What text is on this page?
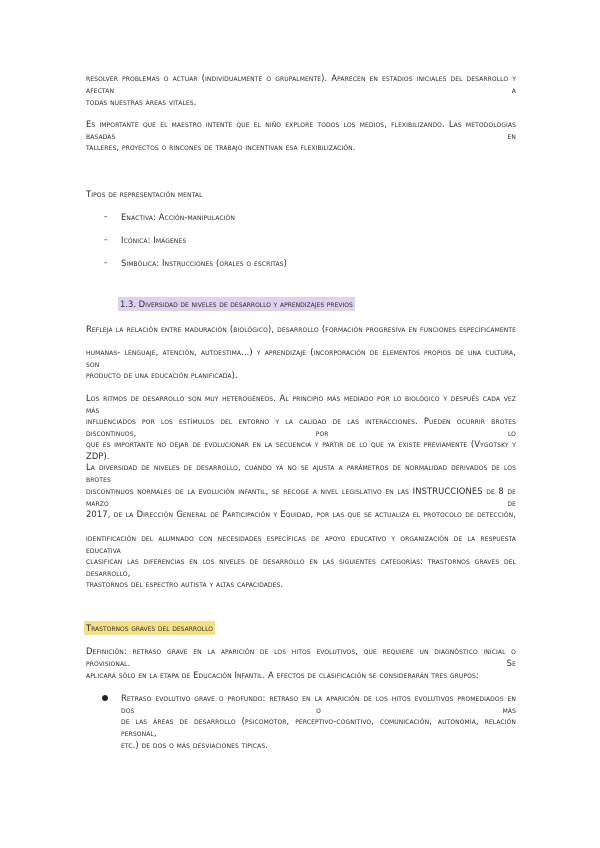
resolver problemas o actuar (individualmente o grupalmente). Aparecen en estadios iniciales del desarrollo y afectan a
todas nuestras áreas vitales.
Es importante que el maestro intente que el niño explore todos los medios, flexibilizando. Las metodologías basadas en
talleres, proyectos o rincones de trabajo incentivan esa flexibilización.
Tipos de representación mental
- Enactiva: Acción-manipulación
- Icónica: Imágenes
- Simbólica: Instrucciones (orales o escritas)
1.3. Diversidad de niveles de desarrollo y aprendizajes previos
Refleja la relación entre maduración (biológico), desarrollo (formación progresiva en funciones específicamente
humanas- lenguaje, atención, autoestima...) y aprendizaje (incorporación de elementos propios de una cultura, son
producto de una educación planificada).
Los ritmos de desarrollo son muy heterogéneos. Al principio más mediado por lo biológico y después cada vez más
influenciados por los estímulos del entorno y la calidad de las interacciones. Pueden ocurrir brotes discontinuos, por lo
que es importante no dejar de evolucionar en la secuencia y partir de lo que ya existe previamente (Vygotsky y ZDP).
La diversidad de niveles de desarrollo, cuando ya no se ajusta a parámetros de normalidad derivados de los brotes
discontinuos normales de la evolución infantil, se recoge a nivel legislativo en las INSTRUCCIONES de 8 de marzo de
2017, de la Dirección General de Participación y Equidad, por las que se actualiza el protocolo de detección,
identificación del alumnado con necesidades específicas de apoyo educativo y organización de la respuesta educativa
clasifican las diferencias en los niveles de desarrollo en las siguientes categorías: trastornos graves del desarrollo,
trastornos del espectro autista y altas capacidades.
Trastornos graves del desarrollo
Definición: retraso grave en la aparición de los hitos evolutivos, que requiere un diagnóstico inicial o provisional. Se
aplicará sólo en la etapa de Educación Infantil. A efectos de clasificación se considerarán tres grupos:
Retraso evolutivo grave o profundo: retraso en la aparición de los hitos evolutivos promediados en dos o más
de las áreas de desarrollo (psicomotor, perceptivo-cognitivo, comunicación, autonomía, relación personal,
etc.) de dos o más desviaciones típicas.
